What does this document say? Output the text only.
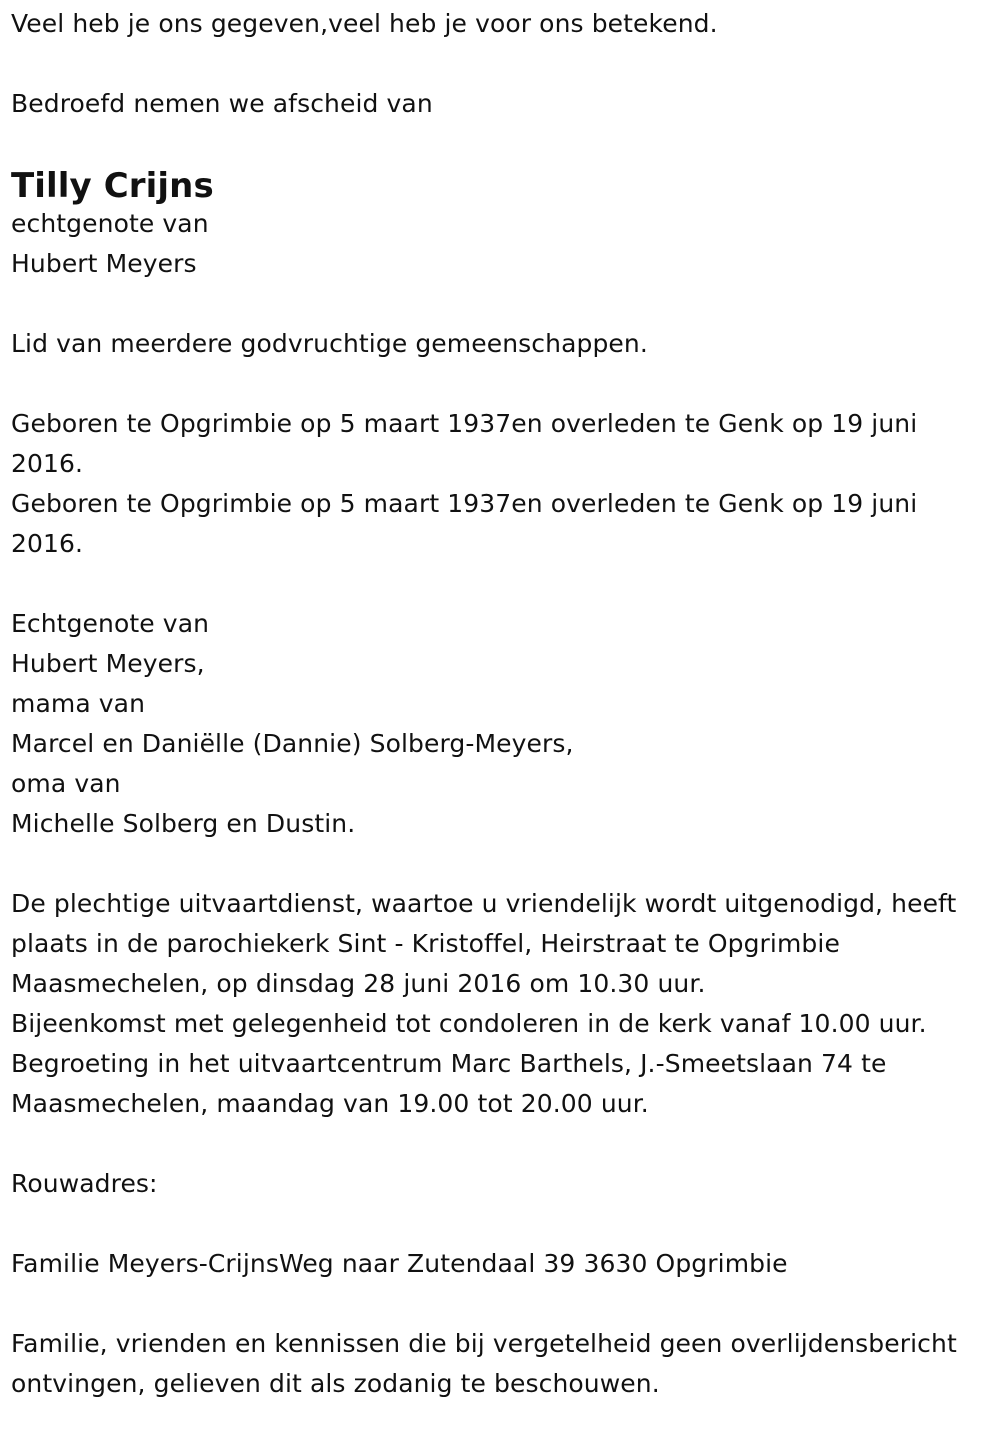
Veel heb je ons gegeven,veel heb je voor ons betekend.
Bedroefd nemen we afscheid van
Tilly Crijns
echtgenote van
Hubert Meyers
Lid van meerdere godvruchtige gemeenschappen.
Geboren te Opgrimbie op 5 maart 1937en overleden te Genk op 19 juni 2016.
Geboren te Opgrimbie op 5 maart 1937en overleden te Genk op 19 juni 2016.
Echtgenote van
Hubert Meyers,
mama van
Marcel en Daniëlle (Dannie) Solberg-Meyers,
oma van
Michelle Solberg en Dustin.
De plechtige uitvaartdienst, waartoe u vriendelijk wordt uitgenodigd, heeft plaats in de parochiekerk Sint - Kristoffel, Heirstraat te Opgrimbie Maasmechelen, op dinsdag 28 juni 2016 om 10.30 uur.
Bijeenkomst met gelegenheid tot condoleren in de kerk vanaf 10.00 uur.
Begroeting in het uitvaartcentrum Marc Barthels, J.-Smeetslaan 74 te Maasmechelen, maandag van 19.00 tot 20.00 uur.
Rouwadres:
Familie Meyers-CrijnsWeg naar Zutendaal 39 3630 Opgrimbie
Familie, vrienden en kennissen die bij vergetelheid geen overlijdensbericht ontvingen, gelieven dit als zodanig te beschouwen.
